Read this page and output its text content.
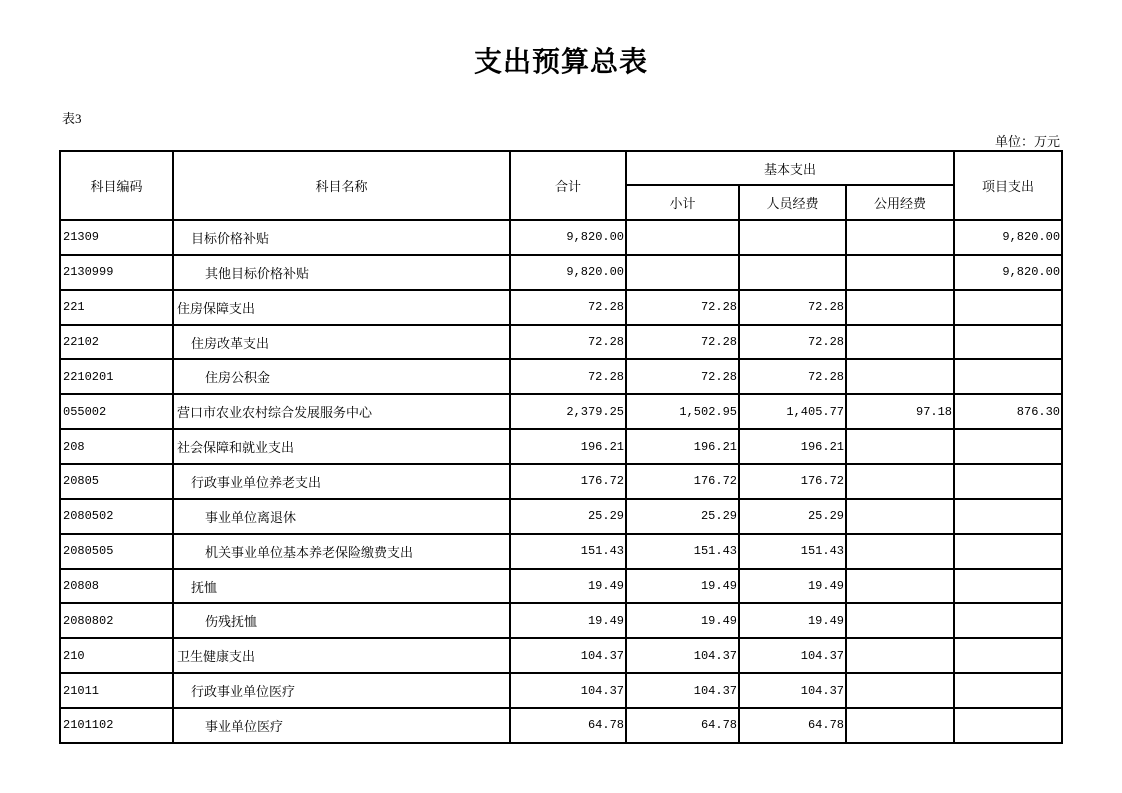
支出预算总表
表3
单位：万元
科目编码	科目名称	合计	基本支出			项目支出
			小计	人员经费	公用经费	
21309	目标价格补贴	9,820.00				9,820.00
2130999	其他目标价格补贴	9,820.00				9,820.00
221	住房保障支出	72.28	72.28	72.28		
22102	住房改革支出	72.28	72.28	72.28		
2210201	住房公积金	72.28	72.28	72.28		
055002	营口市农业农村综合发展服务中心	2,379.25	1,502.95	1,405.77	97.18	876.30
208	社会保障和就业支出	196.21	196.21	196.21		
20805	行政事业单位养老支出	176.72	176.72	176.72		
2080502	事业单位离退休	25.29	25.29	25.29		
2080505	机关事业单位基本养老保险缴费支出	151.43	151.43	151.43		
20808	抚恤	19.49	19.49	19.49		
2080802	伤残抚恤	19.49	19.49	19.49		
210	卫生健康支出	104.37	104.37	104.37		
21011	行政事业单位医疗	104.37	104.37	104.37		
2101102	事业单位医疗	64.78	64.78	64.78		
